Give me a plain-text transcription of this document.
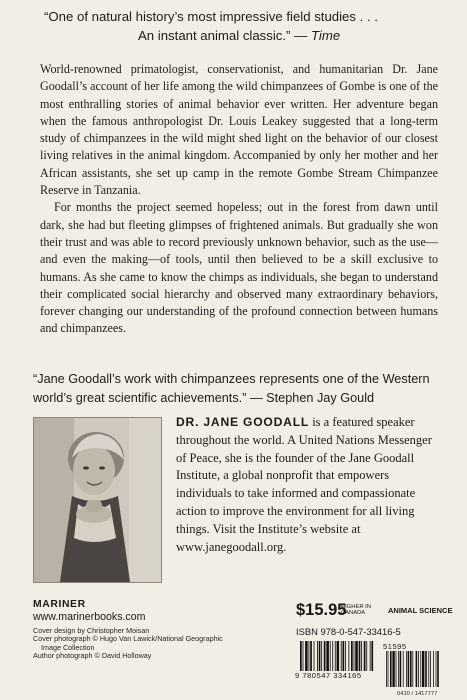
“One of natural history’s most impressive field studies . . .
An instant animal classic.” — Time

World-renowned primatologist, conservationist, and humanitarian Dr. Jane Goodall’s account of her life among the wild chimpanzees of Gombe is one of the most enthralling stories of animal behavior ever written. Her adventure began when the famous anthropologist Dr. Louis Leakey suggested that a long-term study of chimpanzees in the wild might shed light on the behavior of our closest living relatives in the animal kingdom. Accompanied by only her mother and her African assistants, she set up camp in the remote Gombe Stream Chimpanzee Reserve in Tanzania.

For months the project seemed hopeless; out in the forest from dawn until dark, she had but fleeting glimpses of frightened animals. But gradually she won their trust and was able to record previously unknown behavior, such as the use—and even the making—of tools, until then believed to be a skill exclusive to humans. As she came to know the chimps as individuals, she began to understand their complicated social hierarchy and observed many extraordinary behaviors, forever changing our understanding of the profound connection between humans and chimpanzees.

“Jane Goodall’s work with chimpanzees represents one of the Western world’s great scientific achievements.” — Stephen Jay Gould
DR. JANE GOODALL is a featured speaker throughout the world. A United Nations Messenger of Peace, she is the founder of the Jane Goodall Institute, a global nonprofit that empowers individuals to take informed and compassionate action to improve the environment for all living things. Visit the Institute’s website at www.janegoodall.org.
MARINER
www.marinerbooks.com
Cover design by Christopher Moisan
Cover photograph © Hugo Van Lawick/National Geographic
Image Collection
Author photograph © David Holloway
$15.95
HIGHER IN CANADA	ANIMAL SCIENCE
ISBN 978-0-547-33416-5
9 780547 334165
51595
0410 / 1417777
